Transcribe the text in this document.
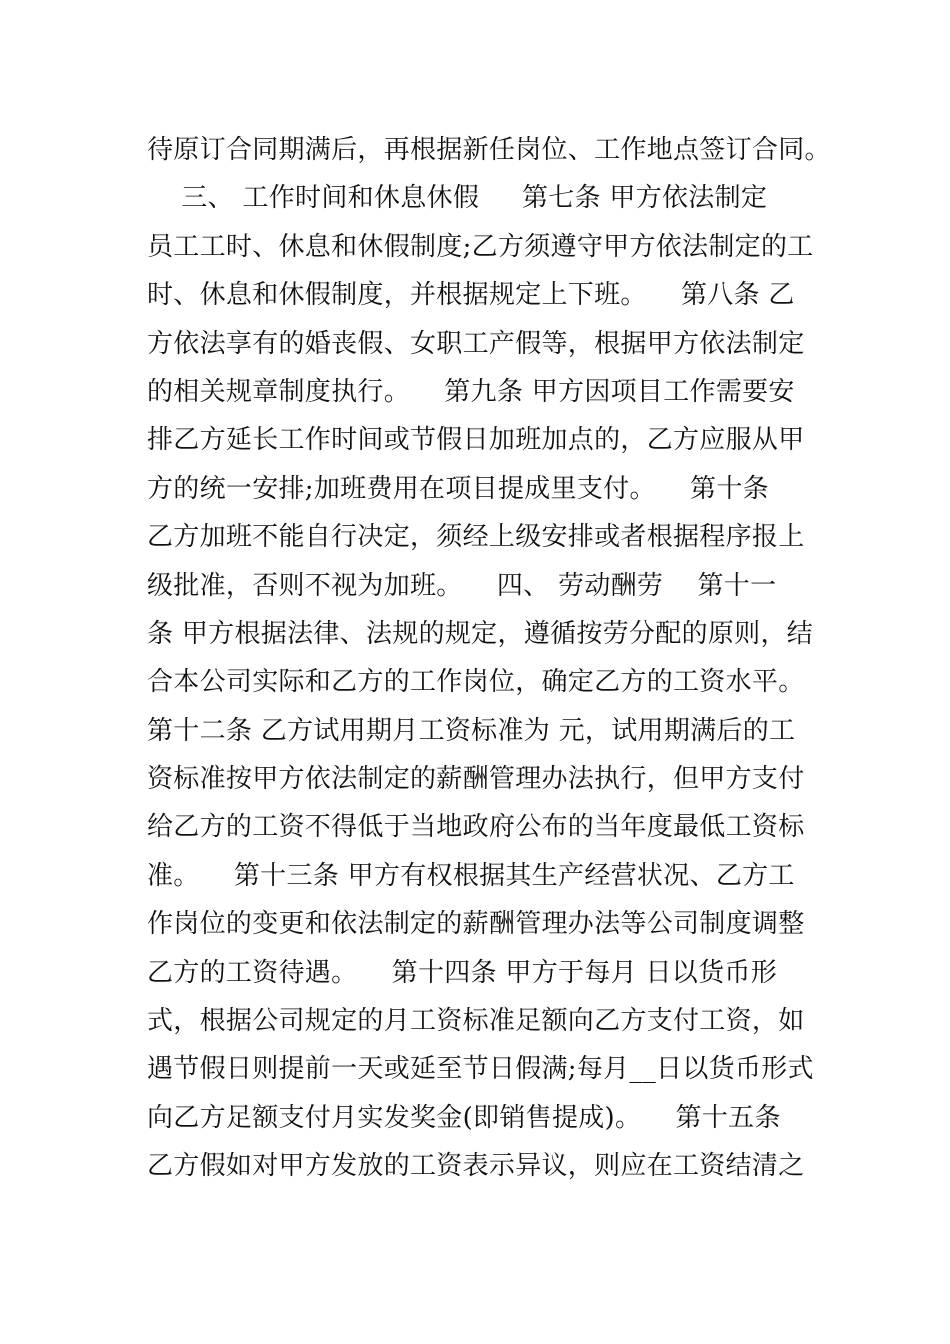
待原订合同期满后，再根据新任岗位、工作地点签订合同。
三、 工作时间和休息休假     第七条 甲方依法制定
员工工时、休息和休假制度;乙方须遵守甲方依法制定的工
时、休息和休假制度，并根据规定上下班。    第八条 乙
方依法享有的婚丧假、女职工产假等，根据甲方依法制定
的相关规章制度执行。    第九条 甲方因项目工作需要安
排乙方延长工作时间或节假日加班加点的，乙方应服从甲
方的统一安排;加班费用在项目提成里支付。    第十条
乙方加班不能自行决定，须经上级安排或者根据程序报上
级批准，否则不视为加班。    四、 劳动酬劳    第十一
条 甲方根据法律、法规的规定，遵循按劳分配的原则，结
合本公司实际和乙方的工作岗位，确定乙方的工资水平。
第十二条 乙方试用期月工资标准为 元，试用期满后的工
资标准按甲方依法制定的薪酬管理办法执行，但甲方支付
给乙方的工资不得低于当地政府公布的当年度最低工资标
准。    第十三条 甲方有权根据其生产经营状况、乙方工
作岗位的变更和依法制定的薪酬管理办法等公司制度调整
乙方的工资待遇。    第十四条 甲方于每月 日以货币形
式，根据公司规定的月工资标准足额向乙方支付工资，如
遇节假日则提前一天或延至节日假满;每月__日以货币形式
向乙方足额支付月实发奖金(即销售提成)。    第十五条
乙方假如对甲方发放的工资表示异议，则应在工资结清之
